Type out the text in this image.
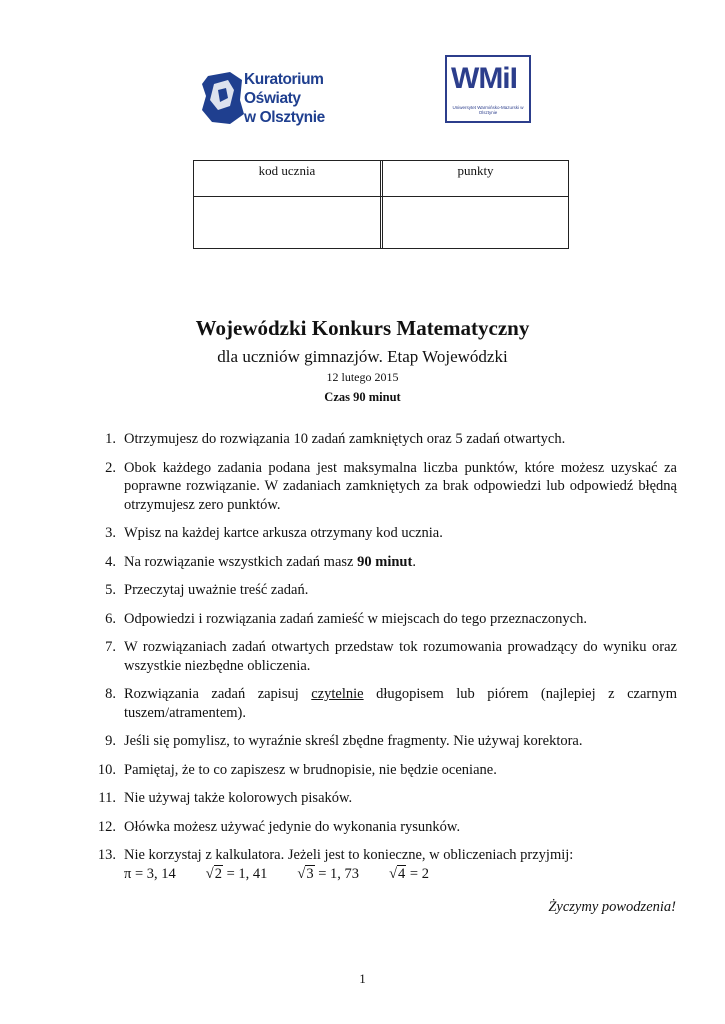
Kuratorium Oświaty
w Olsztynie
WMiI
Uniwersytet Warmińsko-Mazurski w Olsztynie
kod ucznia	punkty
Wojewódzki Konkurs Matematyczny
dla uczniów gimnazjów. Etap Wojewódzki
12 lutego 2015
Czas 90 minut
1. Otrzymujesz do rozwiązania 10 zadań zamkniętych oraz 5 zadań otwartych.
2. Obok każdego zadania podana jest maksymalna liczba punktów, które możesz uzyskać za poprawne rozwiązanie. W zadaniach zamkniętych za brak odpowiedzi lub odpowiedź błędną otrzymujesz zero punktów.
3. Wpisz na każdej kartce arkusza otrzymany kod ucznia.
4. Na rozwiązanie wszystkich zadań masz 90 minut.
5. Przeczytaj uważnie treść zadań.
6. Odpowiedzi i rozwiązania zadań zamieść w miejscach do tego przeznaczonych.
7. W rozwiązaniach zadań otwartych przedstaw tok rozumowania prowadzący do wyniku oraz wszystkie niezbędne obliczenia.
8. Rozwiązania zadań zapisuj czytelnie długopisem lub piórem (najlepiej z czarnym tuszem/atramentem).
9. Jeśli się pomylisz, to wyraźnie skreśl zbędne fragmenty. Nie używaj korektora.
10. Pamiętaj, że to co zapiszesz w brudnopisie, nie będzie oceniane.
11. Nie używaj także kolorowych pisaków.
12. Ołówka możesz używać jedynie do wykonania rysunków.
13. Nie korzystaj z kalkulatora. Jeżeli jest to konieczne, w obliczeniach przyjmij:
π = 3, 14 √2 = 1, 41 √3 = 1, 73 √4 = 2
Życzymy powodzenia!
1
